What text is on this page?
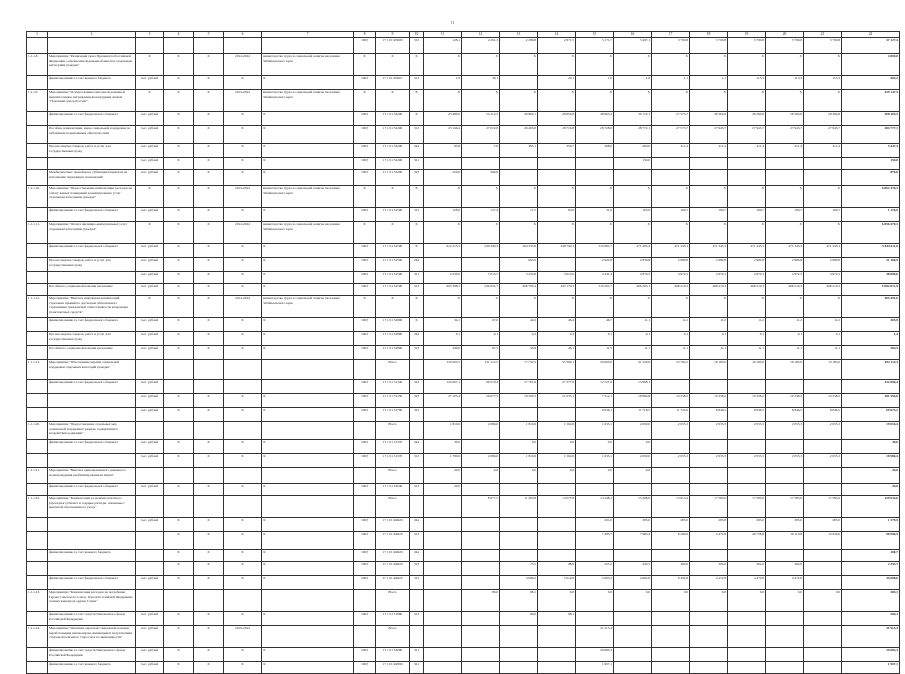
11
1	2	3	4	5	6	7	8	9	10	11	12	13	14	15	16	17	18	19	20	21	22
							1003	17 1 01 R3000	313	128,1	2 291,3	2 286,8	2 871,5	3 171,7	3 497,1	3 790,8	3 790,8	3 790,8	3 790,8	3 790,8	37 127,4
1.1.1.8.	Мероприятие "Реализация указа Президента Российской Федерации о ежемесячной денежной выплате отдельным категориям граждан"	X	X	X	2014-2024	министерство труда и социальной защиты населения Забайкальского края	X	X	X	X	X	X	X	X	X	X	X	X	X	X	4 800,0
	финансирование за счет краевого бюджета	тыс. рублей	X	X	X	X	1003	17 1 01 R3007	313	1,9	38,1		20,1	1,0	1,0	1,1	1,1	113,3	113,3	113,3	403,2
1.1.1.9.	Мероприятие "Осуществление ежегодной денежной выплаты лицам, награжденным нагрудным знаком "Почетный донор России""	X	X	X	2014-2024	министерство труда и социальной защиты населения Забайкальского края	X	X	X	X	X	X	X	X	X	X	X	X	X	X	429 147,5
	финансирование за счет федерального бюджета	тыс. рублей	X	X	X	X	1003	17 1 01 52200	X	23 480,0	25 212,3	26 890,1	28 854,8	28 963,4	30 172,1	27 573,7	28 394,8	28 394,8	28 394,8	28 394,8	308 304,5
	Пособия, компенсации, меры социальной поддержки по публичным нормативным обязательствам	тыс. рублей	X	X	X	X	1003	17 1 01 52200	313	23 146,4	27 019,8	26 495,8	28 716,8	28 728,0	28 772,1	27 573,7	27 943,7	27 943,7	27 943,7	27 943,7	284 777,1
	Прочая закупка товаров, работ и услуг для государственных нужд	тыс. рублей	X	X	X	X	1003	17 1 01 52200	244	83,8	7,8	385,1	356,7	268,0	400,0	411,4	411,4	411,4	411,4	411,4	3 447,4
		тыс. рублей	X	X	X	X	1003	17 1 01 52200	321						150,0						150,0
	Межбюджетные трансферты, субвенции бюджетам на исполнение переданных полномочий	тыс. рублей	X	X	X	X	1003	17 1 01 52200	323	250,0	584,6										876,6
1.1.1.10.	Мероприятие "Предоставление компенсации расходов на оплату жилых помещений и коммунальных услуг отдельным категориям граждан"	X	X	X	2014-2024	министерство труда и социальной защиты населения Забайкальского края	X	X	X	X	X	X	X	X	X	X	X	X	X	X	6 862 470,3
	финансирование за счет федерального бюджета	тыс. рублей	X	X	X	X	1003	17 1 01 52500	313	128,6	157,4	71,5	83,8	31,0	103,9	109,7	109,7	109,7	109,7	109,7	1 176,9
1.1.1.11.	Мероприятие "Оплата жилищно-коммунальных услуг отдельным категориям граждан"	X	X	X	2014-2024	министерство труда и социальной защиты населения Забайкальского края	X	X	X	X	X	X	X	X	X	X	X	X	X	X	6 856 470,3
	финансирование за счет федерального бюджета	тыс. рублей	X	X	X	X	1003	17 1 01 52500	X	612 213,3	549 399,3	504 235,8	348 792,3	510 981,7	471 283,4	471 343,3	471 343,3	471 343,3	471 343,3	471 343,3	5 844 611,0
	Прочая закупка товаров, работ и услуг для государственных нужд	тыс. рублей	X	X	X	X	1003	17 1 01 52500	244			695,0		2 920,8	2 830,8	2 980,8	2 980,8	2 980,8	2 980,8	2 980,8	21 160,9
		тыс. рублей	X	X	X	X	1003	17 1 01 52500	321	4 250,0	7 013,7	5 252,8	3 613,0	4 341,4	4 970,3	4 972,3	4 972,3	4 972,3	4 972,3	4 972,3	48 890,6
	Пособия по социальной помощи населению	тыс. рублей	X	X	X	X	1003	17 1 01 52500	313	605 398,3	540 932,7	496 795,4	345 179,3	510 361,7	466 263,1	468 210,3	468 210,3	468 210,3	468 210,3	468 210,3	5 082 671,9
1.1.1.12.	Мероприятие "Выплата инвалидам компенсаций страховых премий по договорам обязательного страхования гражданской ответственности владельцев транспортных средств"	X	X	X	2014-2024	министерство труда и социальной защиты населения Забайкальского края	X	X	X	X	X	X	X	X	X	X	X	X	X	X	405 491,0
	финансирование за счет федерального бюджета	тыс. рублей	X	X	X	X	1003	17 1 01 52800	X	34,1	67,6	44,0	46,4	46,7	11,1	11,2	11,2	11,2	11,2	11,2	305,9
	Прочая закупка товаров, работ и услуг для государственных нужд	тыс. рублей	X	X	X	X	1003	17 1 01 52800	244	0,1	0,1	0,2	0,3	0,1	0,1	0,1	0,1	0,1	0,1	0,1	1,4
	Пособия по социальной помощи населению	тыс. рублей	X	X	X	X	1003	17 1 01 52800	313	340,0	67,5	43,8	46,1	11,5	11,1	11,1	11,1	11,1	11,1	11,1	304,5
1.1.1.13.	Мероприятие "Обеспечение мерами социальной поддержки отдельных категорий граждан"							Всего		150 505,5	131 112,5	77 732,5	55 399,1	29 095,9	41 529,9	23 762,2	19 183,6	19 183,6	19 183,6	19 183,6	492 114,3
	финансирование за счет федерального бюджета	тыс. рублей					1003	17 1 01 51340	323	120 607,1	99 570,2	57 761,9	27 377,9	12 727,9	13 998,1						332 006,4
		тыс. рублей	X	X	X	X	1003	17 1 01 51350	323	27 105,4	29 077,5	18 590,3	21 633,1	7 312,1	18 884,8	10 338,2	10 338,2	10 338,2	10 338,2	10 338,2	181 594,6
		тыс. рублей	X	X	X	X	1003	17 1 01 51760	323					9 956,1	11 718,5	11 724,0	8 846,5	8 846,5	8 846,5	8 846,5	69 675,2
1.1.1.20.	Мероприятие "Предоставление отдельных мер социальной поддержки граждан, подвергшихся воздействию радиации"							Всего		1 810,9	2 080,6	1 810,9	1 562,6	1 635,1	2 000,0	2 055,3	2 055,3	2 055,3	2 055,3	2 055,3	19 016,4
	финансирование за счет федерального бюджета	тыс. рублей	X	X	X	X	1003	17 1 01 51370	244	30,0		0,0	0,0	0,0	0,0						30,0
		тыс. рублей	X	X	X	X	1003	17 1 01 51370	313	1 780,9	2 080,6	1 810,9	1 562,6	1 635,1	2 000,0	2 055,3	2 055,3	2 055,3	2 055,3	2 055,3	18 986,4
1.1.1.21.	Мероприятие "Выплата единовременного денежного вознаграждения реабилитированным лицам"							Всего		20,0	0,0	0,0	0,0	0,0	0,0						20,0
	финансирование за счет федерального бюджета	тыс. рублей	X	X	X	X	1003	17 1 01 55040	313	20,0											20,0
1.1.1.22.	Мероприятие "Компенсация за наличие печатного (проездного) билета и годовые расходы, связанные с выплатой обеспечения по уходу"							Всего			8 977,5	11 403,8	13 073,8	13 248,1	13 298,6	13 013,4	17 583,6	17 583,6	17 583,6	17 583,6	129 033,6
		тыс. рублей	X	X	X	X	1003	17 1 01 R4620	244					291,0	283,0	283,0	283,0	283,0	283,0	283,0	1 579,5
			X	X	X	X	1003	17 1 01 R4620	313					7 483,7	7 983,4	6 299,9	4 472,8	40 738,8	10 110,8	10 939,9	98 906,5
	финансирование за счет краевого бюджета		X	X	X	X	1003	17 1 01 R4620	244												100,7
			X	X	X	X	1003	17 1 01 R4620	313			75,5	98,9	523,2	443,5	304,0	304,0	304,0	304,0		2 353,7
	финансирование за счет федерального бюджета	тыс. рублей	X	X	X	X	1003	17 1 01 R4620	313			4 996,2	5 014,8	5 663,2	4 602,8	6 302,8	4 472,8	4 472,8	4 472,8		44 008,6
1.1.1.23.	Мероприятие "Компенсация расходов на погребение Героев Советского Союза, Героев Российской Федерации, полных кавалеров ордена Славы"							Всего			89,6	98,1	0,0	0,0	0,0	0,0	0,0	0,0	0,0	0,0	284,1
	финансирование за счет средств Пенсионного фонда Российской Федерации	тыс. рублей	X	X	X	X	1003	17 1 01 51980	313			89,6	98,1								284,1
1.1.1.24.	Мероприятие "Оказание адресной социальной помощи неработающим пенсионерам, являющимся получателями страховой пенсии по старости и по инвалидности"	тыс. рублей	X	X	2019-2024			Всего						31 515,4							31 515,4
	финансирование за счет средств Пенсионного фонда Российской Федерации	тыс. рублей	X	X	X	X	1003	17 1 01 52090	321					29 683,3							29 683,3
	финансирование за счет краевого бюджета	тыс. рублей	X	X	X	X	1003	17 1 01 R2090	321					1 907,1							1 907,1
